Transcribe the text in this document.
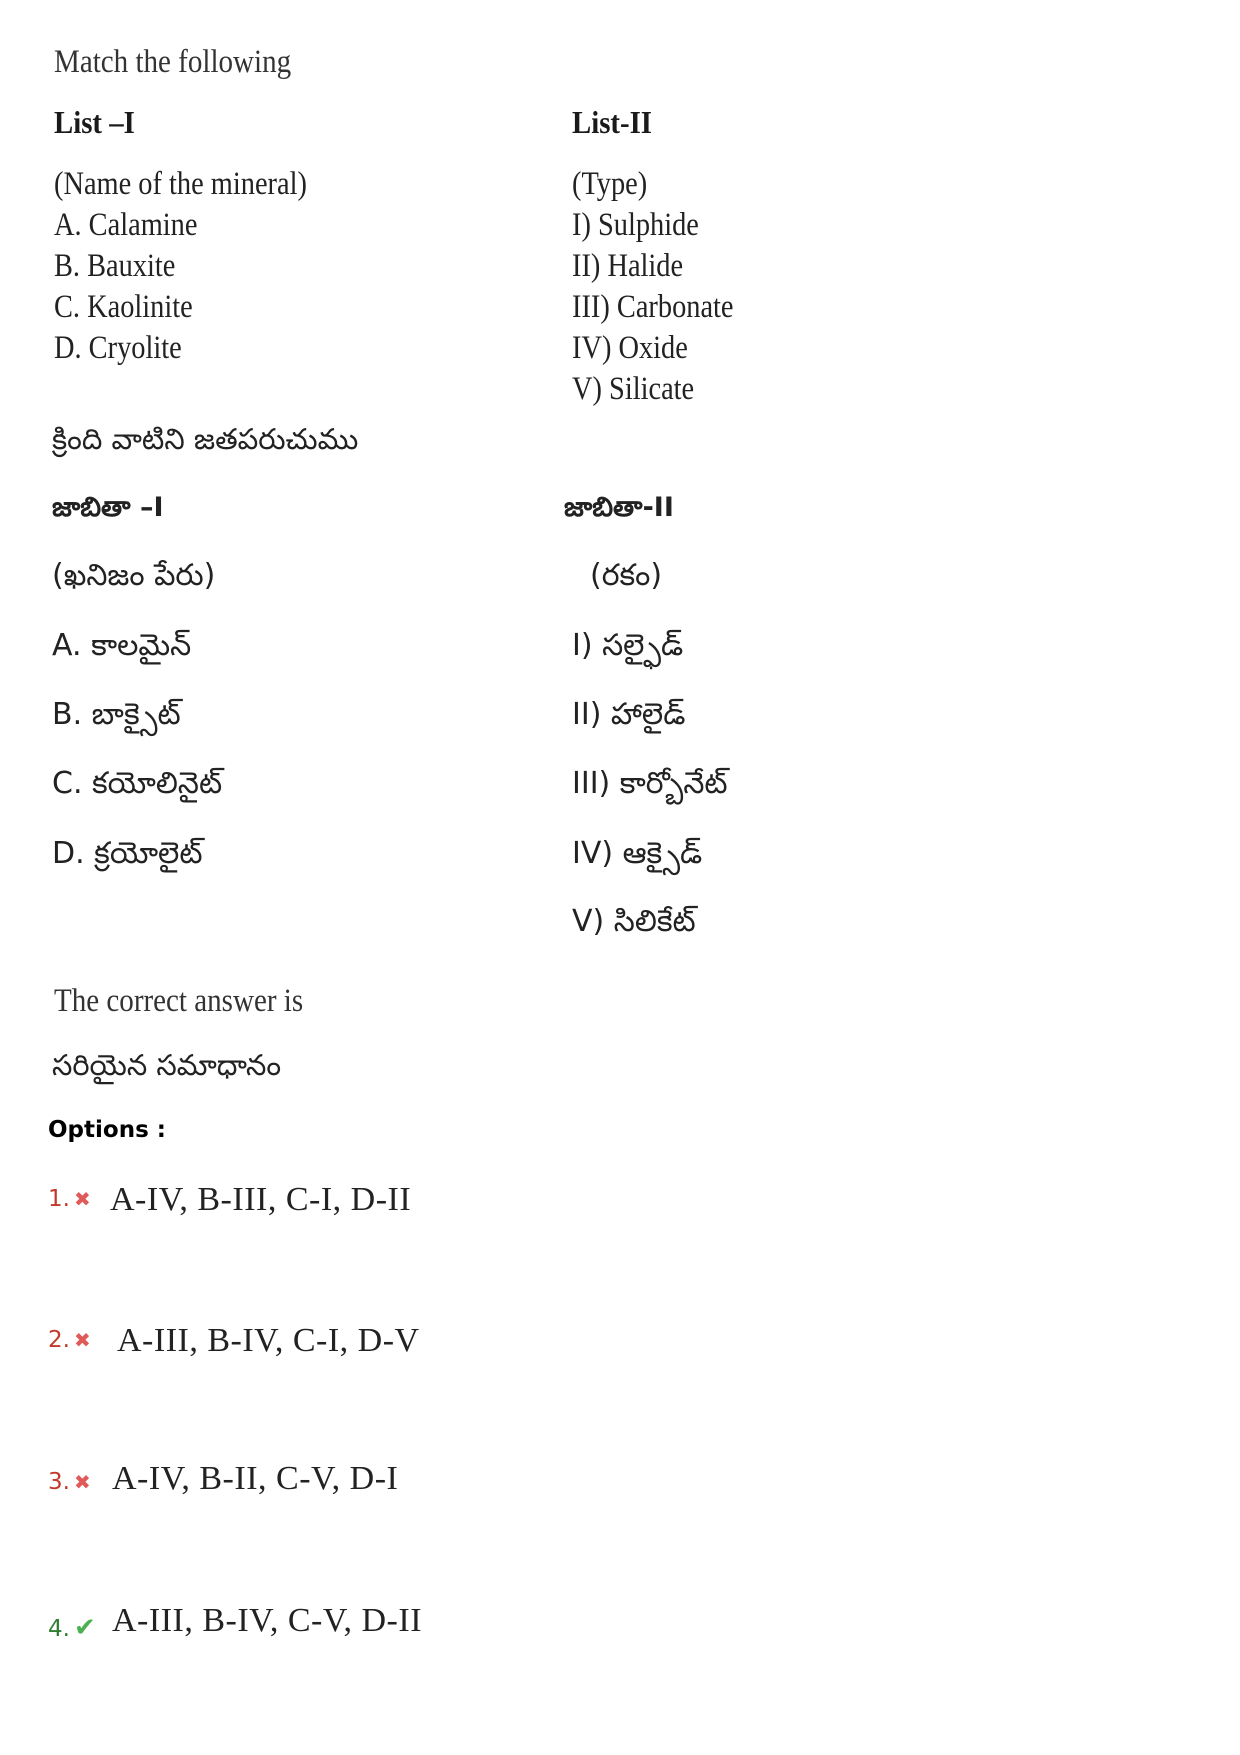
Match the following
List –I	List-II
(Name of the mineral)
A. Calamine
B. Bauxite
C. Kaolinite
D. Cryolite
(Type)
I) Sulphide
II) Halide
III) Carbonate
IV) Oxide
V) Silicate
క్రింది వాటిని జతపరుచుము
జాబితా –I	జాబితా-II
(ఖనిజం పేరు)
A. కాలమైన్
B. బాక్సైట్
C. కయోలినైట్
D. క్రయోలైట్
(రకం)
I) సల్ఫైడ్
II) హాలైడ్
III) కార్బోనేట్
IV) ఆక్సైడ్
V) సిలికేట్
The correct answer is
సరియైన సమాధానం
Options :
1. ✖ A-IV, B-III, C-I, D-II
2. ✖ A-III, B-IV, C-I, D-V
3. ✖ A-IV, B-II, C-V, D-I
4. ✔ A-III, B-IV, C-V, D-II
